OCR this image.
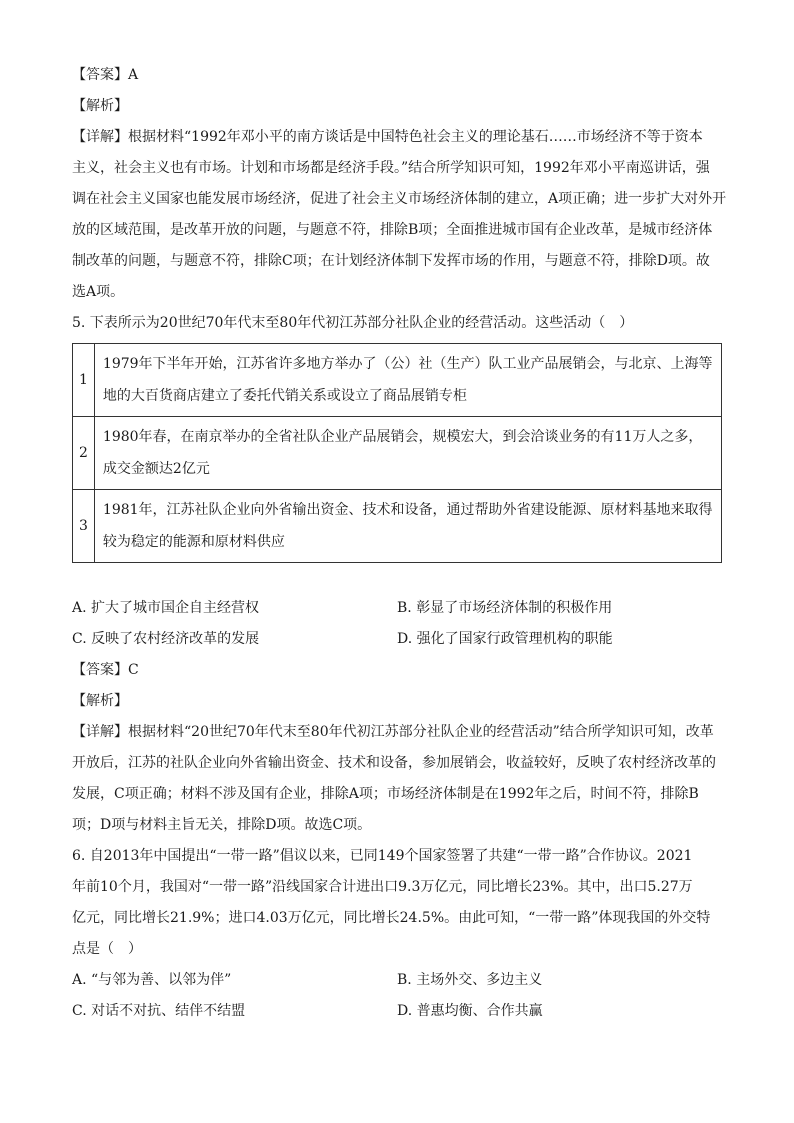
【答案】A

【解析】

【详解】根据材料“1992年邓小平的南方谈话是中国特色社会主义的理论基石……市场经济不等于资本

主义，社会主义也有市场。计划和市场都是经济手段。”结合所学知识可知，1992年邓小平南巡讲话，强

调在社会主义国家也能发展市场经济，促进了社会主义市场经济体制的建立，A项正确；进一步扩大对外开

放的区域范围，是改革开放的问题，与题意不符，排除B项；全面推进城市国有企业改革，是城市经济体

制改革的问题，与题意不符，排除C项；在计划经济体制下发挥市场的作用，与题意不符，排除D项。故

选A项。

5. 下表所示为20世纪70年代末至80年代初江苏部分社队企业的经营活动。这些活动（　）

1	1979年下半年开始，江苏省许多地方举办了（公）社（生产）队工业产品展销会，与北京、上海等
地的大百货商店建立了委托代销关系或设立了商品展销专柜

2	1980年春，在南京举办的全省社队企业产品展销会，规模宏大，到会洽谈业务的有11万人之多，
成交金额达2亿元

3	1981年，江苏社队企业向外省输出资金、技术和设备，通过帮助外省建设能源、原材料基地来取得
较为稳定的能源和原材料供应
A. 扩大了城市国企自主经营权	B. 彰显了市场经济体制的积极作用
C. 反映了农村经济改革的发展	D. 强化了国家行政管理机构的职能

【答案】C

【解析】

【详解】根据材料“20世纪70年代末至80年代初江苏部分社队企业的经营活动”结合所学知识可知，改革

开放后，江苏的社队企业向外省输出资金、技术和设备，参加展销会，收益较好，反映了农村经济改革的

发展，C项正确；材料不涉及国有企业，排除A项；市场经济体制是在1992年之后，时间不符，排除B

项；D项与材料主旨无关，排除D项。故选C项。

6. 自2013年中国提出“一带一路”倡议以来，已同149个国家签署了共建“一带一路”合作协议。2021

年前10个月，我国对“一带一路”沿线国家合计进出口9.3万亿元，同比增长23%。其中，出口5.27万

亿元，同比增长21.9%；进口4.03万亿元，同比增长24.5%。由此可知，“一带一路”体现我国的外交特

点是（　）

A. “与邻为善、以邻为伴”	B. 主场外交、多边主义
C. 对话不对抗、结伴不结盟	D. 普惠均衡、合作共赢
